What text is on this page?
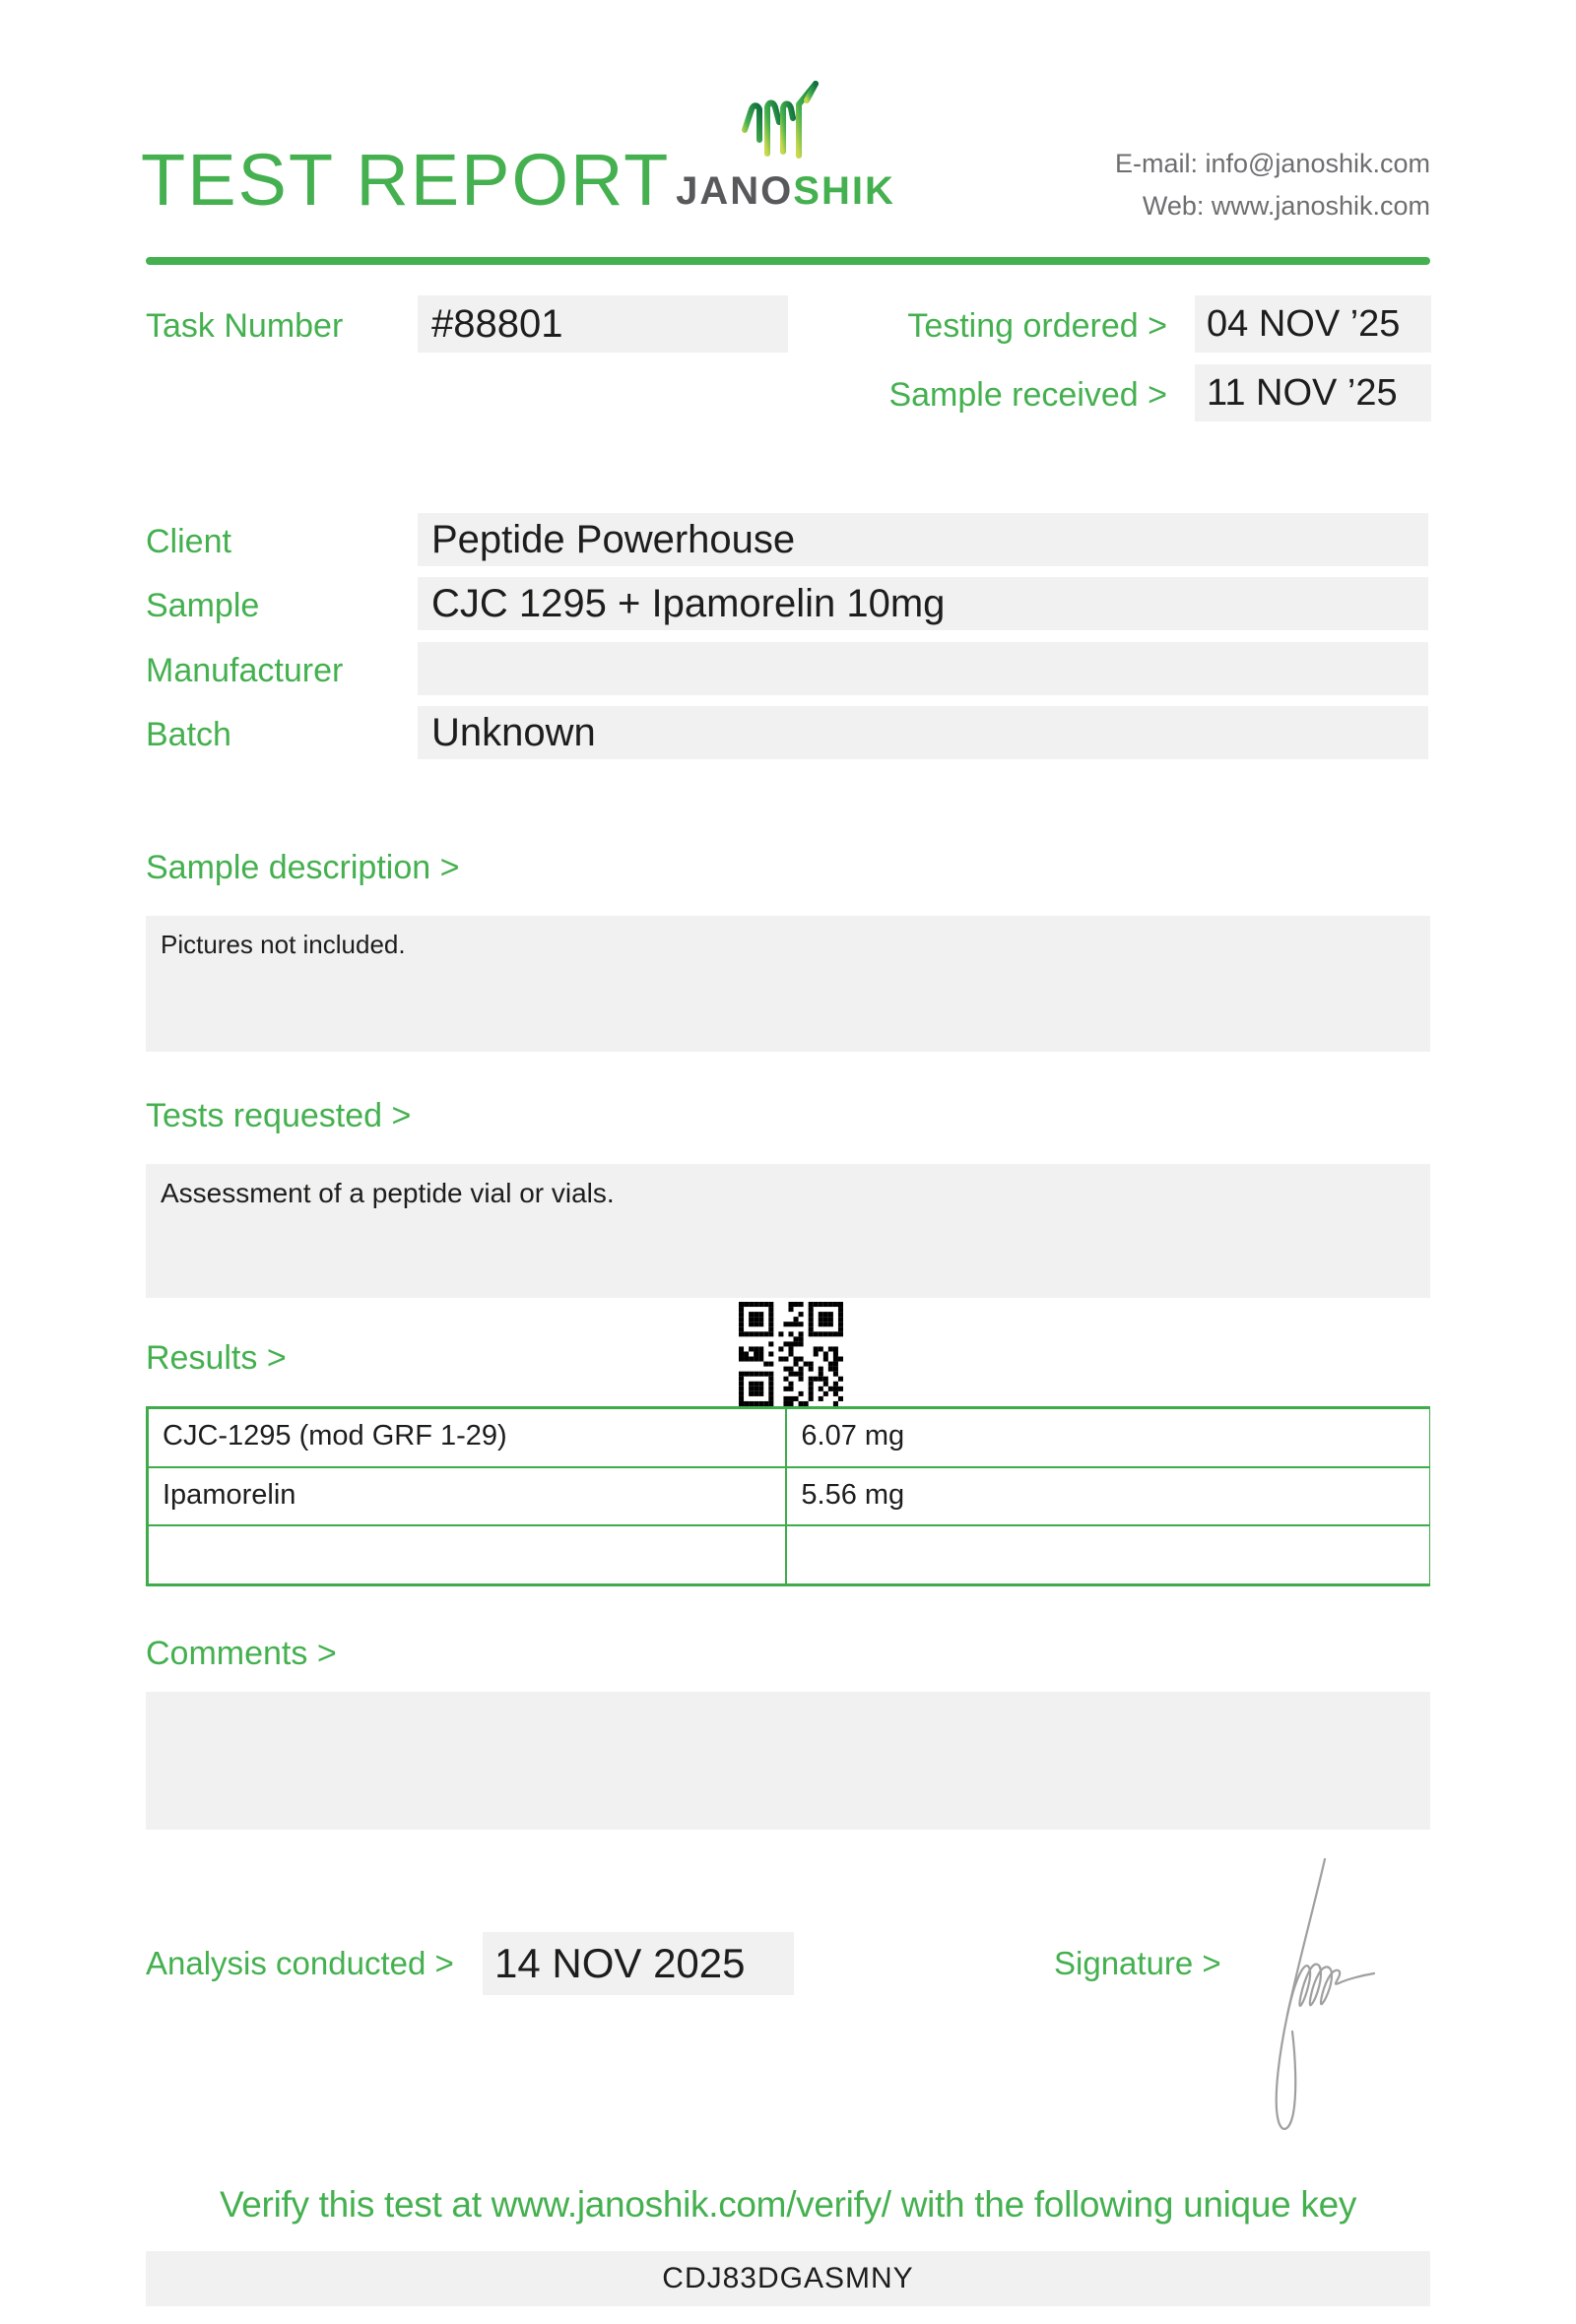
TEST REPORT JANOSHIK
E-mail: info@janoshik.com
Web: www.janoshik.com
Task Number	#88801	Testing ordered >	04 NOV ’25
Sample received >	11 NOV ’25
Client	Peptide Powerhouse
Sample	CJC 1295 + Ipamorelin 10mg
Manufacturer
Batch	Unknown
Sample description >

Pictures not included.

Tests requested >

Assessment of a peptide vial or vials.

Results >
CJC-1295 (mod GRF 1-29)	6.07 mg
Ipamorelin	5.56 mg
Comments >

Analysis conducted > 14 NOV 2025	Signature >
Verify this test at www.janoshik.com/verify/ with the following unique key
CDJ83DGASMNY
